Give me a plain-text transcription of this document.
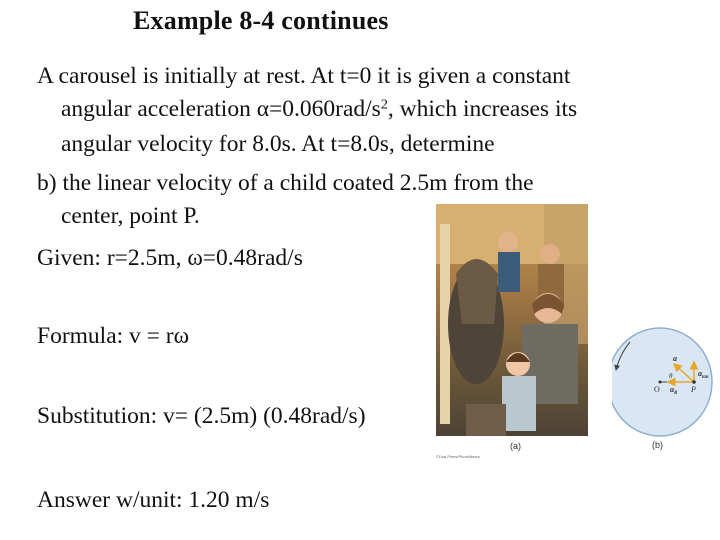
Example 8-4 continues
A carousel is initially at rest. At t=0 it is given a constant
angular acceleration $\alpha=0.060rad/s^2$, which increases its
angular velocity for 8.0s. At t=8.0s, determine
b) the linear velocity of a child coated 2.5m from the
center, point P.
Given: r=2.5m, ω=0.48rad/s
Formula: v = rω
Substitution: v= (2.5m) (0.48rad/s)
Answer w/unit: 1.20 m/s
(a)
©Lisa Pines/Photolibrary
a
θ	$a_{tan}$
O $a_R$ P
(b)
